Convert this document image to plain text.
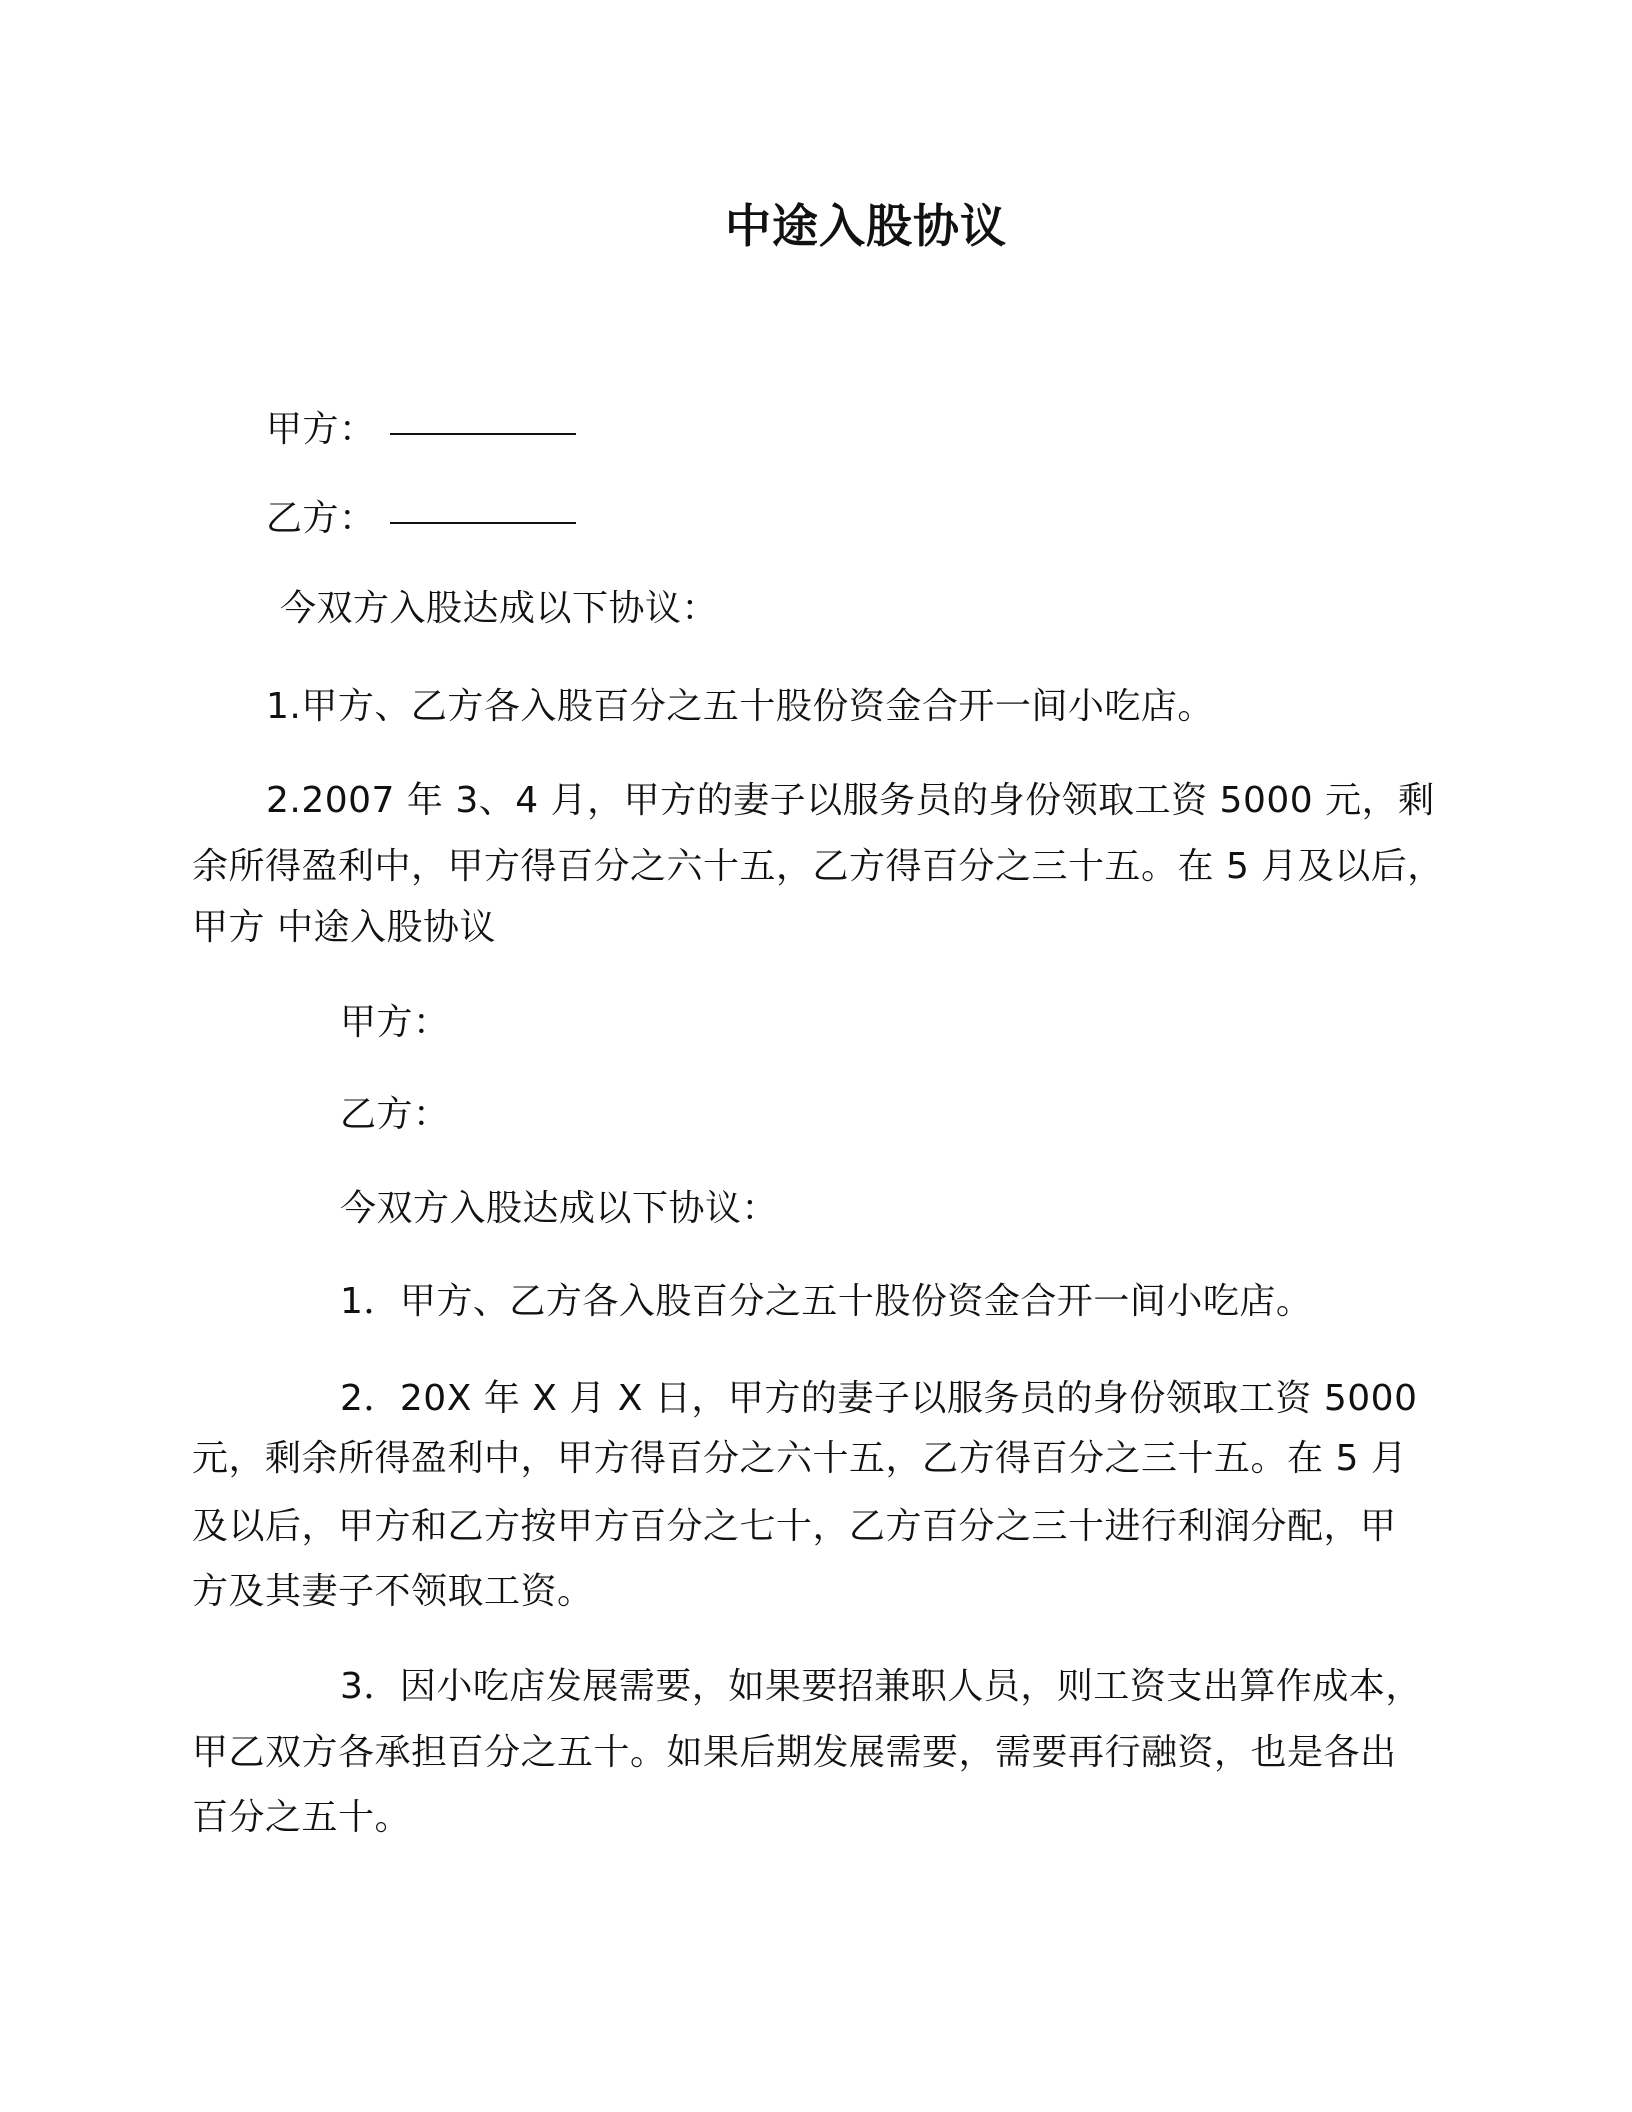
中途入股协议
甲方：
乙方：
今双方入股达成以下协议：
1.甲方、乙方各入股百分之五十股份资金合开一间小吃店。
2.2007 年 3、4 月，甲方的妻子以服务员的身份领取工资 5000 元，剩
余所得盈利中，甲方得百分之六十五，乙方得百分之三十五。在 5 月及以后，
甲方 中途入股协议
甲方：
乙方：
今双方入股达成以下协议：
1．甲方、乙方各入股百分之五十股份资金合开一间小吃店。
2．20X 年 X 月 X 日，甲方的妻子以服务员的身份领取工资 5000
元，剩余所得盈利中，甲方得百分之六十五，乙方得百分之三十五。在 5 月
及以后，甲方和乙方按甲方百分之七十，乙方百分之三十进行利润分配，甲
方及其妻子不领取工资。
3．因小吃店发展需要，如果要招兼职人员，则工资支出算作成本，
甲乙双方各承担百分之五十。如果后期发展需要，需要再行融资，也是各出
百分之五十。
